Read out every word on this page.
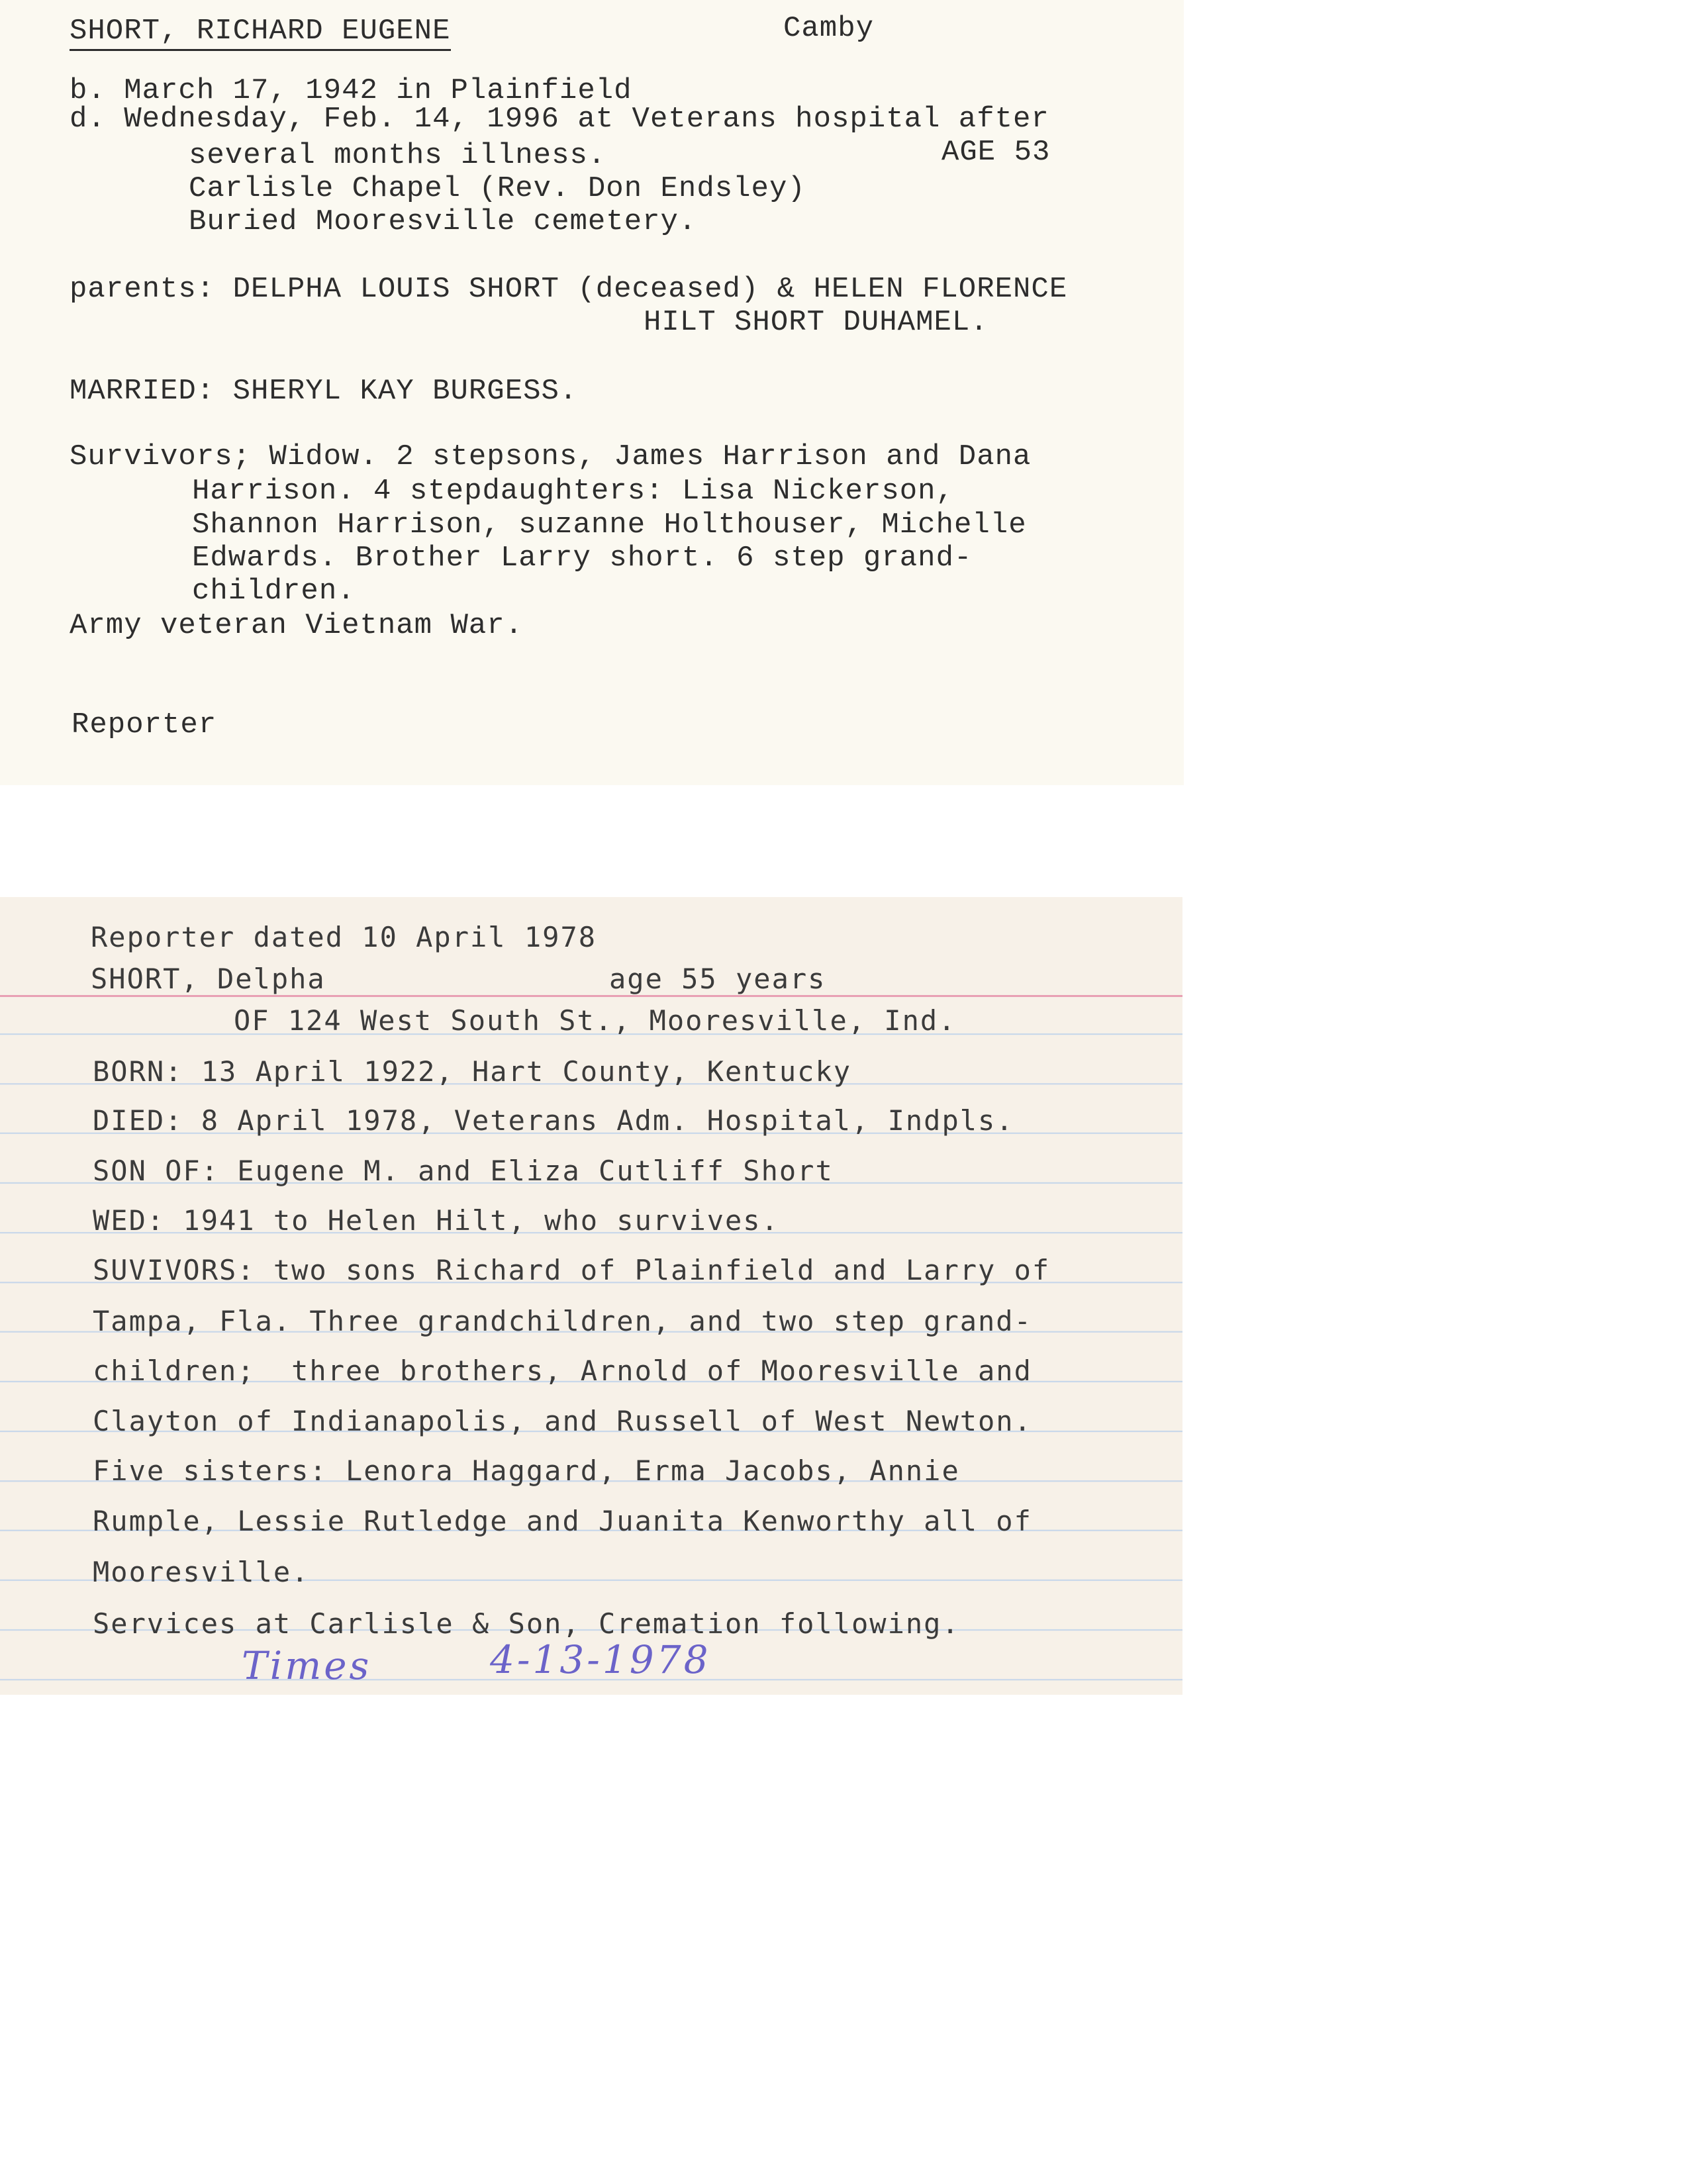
SHORT, RICHARD EUGENE	Camby
b. March 17, 1942 in Plainfield
d. Wednesday, Feb. 14, 1996 at Veterans hospital after
several months illness.	AGE 53
Carlisle Chapel (Rev. Don Endsley)
Buried Mooresville cemetery.
parents: DELPHA LOUIS SHORT (deceased) & HELEN FLORENCE
HILT SHORT DUHAMEL.
MARRIED: SHERYL KAY BURGESS.
Survivors; Widow. 2 stepsons, James Harrison and Dana
Harrison. 4 stepdaughters: Lisa Nickerson,
Shannon Harrison, suzanne Holthouser, Michelle
Edwards. Brother Larry short. 6 step grand-
children.
Army veteran Vietnam War.
Reporter
Reporter dated 10 April 1978
SHORT, Delpha	age 55 years
OF 124 West South St., Mooresville, Ind.
BORN: 13 April 1922, Hart County, Kentucky
DIED: 8 April 1978, Veterans Adm. Hospital, Indpls.
SON OF: Eugene M. and Eliza Cutliff Short
WED: 1941 to Helen Hilt, who survives.
SUVIVORS: two sons Richard of Plainfield and Larry of
Tampa, Fla. Three grandchildren, and two step grand-
children;  three brothers, Arnold of Mooresville and
Clayton of Indianapolis, and Russell of West Newton.
Five sisters: Lenora Haggard, Erma Jacobs, Annie
Rumple, Lessie Rutledge and Juanita Kenworthy all of
Mooresville.
Services at Carlisle & Son, Cremation following.
Times	4-13-1978
